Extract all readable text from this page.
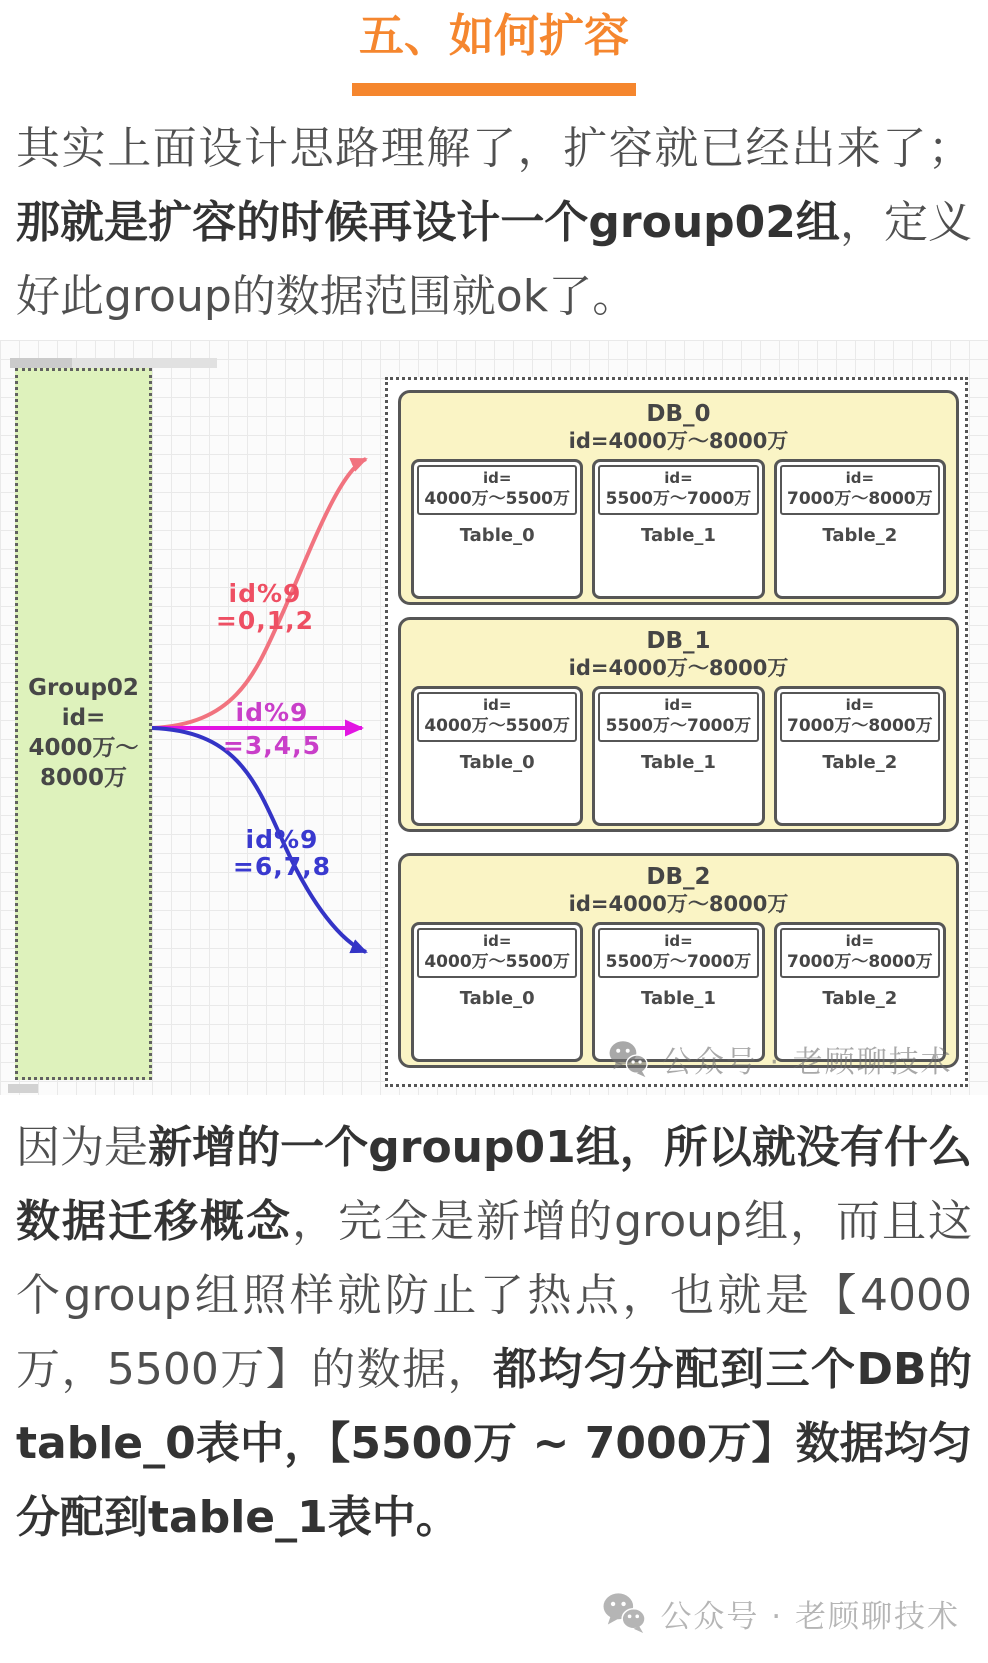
五、如何扩容

其实上面设计思路理解了，扩容就已经出来了；那就是扩容的时候再设计一个group02组，定义好此group的数据范围就ok了。

Group02
id=
4000万～
8000万
id%9
=0,1,2
id%9
=3,4,5
id%9
=6,7,8
DB_0
id=4000万～8000万
id=
4000万～5500万
Table_0
id=
5500万～7000万
Table_1
id=
7000万～8000万
Table_2
DB_1
id=4000万～8000万
id=
4000万～5500万
Table_0
id=
5500万～7000万
Table_1
id=
7000万～8000万
Table_2
DB_2
id=4000万～8000万
id=
4000万～5500万
Table_0
id=
5500万～7000万
Table_1
id=
7000万～8000万
Table_2
公众号 · 老顾聊技术

因为是新增的一个group01组，所以就没有什么数据迁移概念，完全是新增的group组，而且这个group组照样就防止了热点，也就是【4000万，5500万】的数据，都均匀分配到三个DB的table_0表中，【5500万 ~ 7000万】数据均匀分配到table_1表中。

公众号 · 老顾聊技术
